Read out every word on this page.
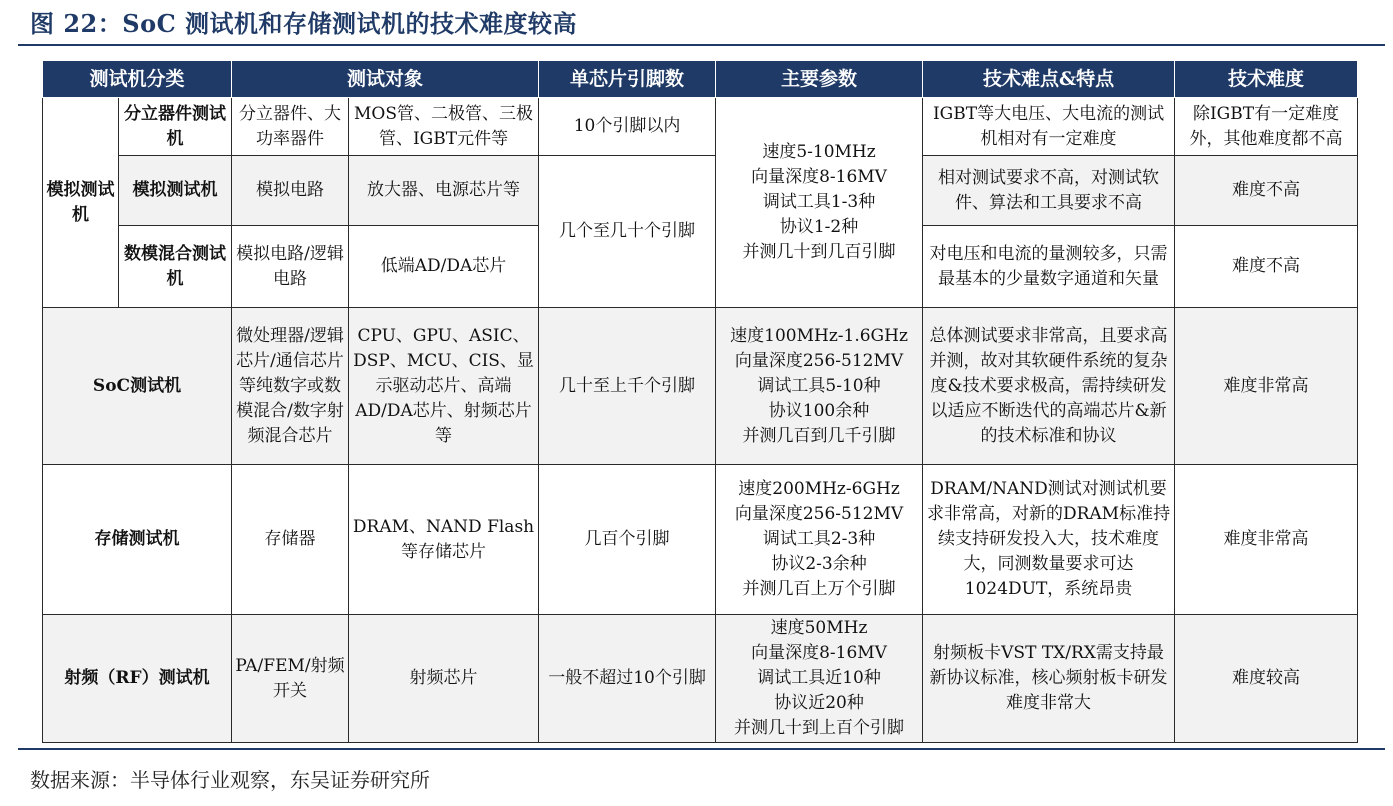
图 22：SoC 测试机和存储测试机的技术难度较高
测试机分类		测试对象		单芯片引脚数	主要参数	技术难点&特点	技术难度
模拟测试机	分立器件测试机	分立器件、大功率器件	MOS管、二极管、三极管、IGBT元件等	10个引脚以内	速度5-10MHz
向量深度8-16MV
调试工具1-3种
协议1-2种
并测几十到几百引脚	IGBT等大电压、大电流的测试机相对有一定难度	除IGBT有一定难度外，其他难度都不高
	模拟测试机	模拟电路	放大器、电源芯片等	几个至几十个引脚		相对测试要求不高，对测试软件、算法和工具要求不高	难度不高
	数模混合测试机	模拟电路/逻辑电路	低端AD/DA芯片			对电压和电流的量测较多，只需最基本的少量数字通道和矢量	难度不高
SoC测试机		微处理器/逻辑芯片/通信芯片等纯数字或数模混合/数字射频混合芯片	CPU、GPU、ASIC、DSP、MCU、CIS、显示驱动芯片、高端AD/DA芯片、射频芯片等	几十至上千个引脚	速度100MHz-1.6GHz
向量深度256-512MV
调试工具5-10种
协议100余种
并测几百到几千引脚	总体测试要求非常高，且要求高并测，故对其软硬件系统的复杂度&技术要求极高，需持续研发以适应不断迭代的高端芯片&新的技术标准和协议	难度非常高
存储测试机		存储器	DRAM、NAND Flash等存储芯片	几百个引脚	速度200MHz-6GHz
向量深度256-512MV
调试工具2-3种
协议2-3余种
并测几百上万个引脚	DRAM/NAND测试对测试机要求非常高，对新的DRAM标准持续支持研发投入大，技术难度大，同测数量要求可达1024DUT，系统昂贵	难度非常高
射频（RF）测试机		PA/FEM/射频开关	射频芯片	一般不超过10个引脚	速度50MHz
向量深度8-16MV
调试工具近10种
协议近20种
并测几十到上百个引脚	射频板卡VST TX/RX需支持最新协议标准，核心频射板卡研发难度非常大	难度较高
数据来源：半导体行业观察，东吴证券研究所
